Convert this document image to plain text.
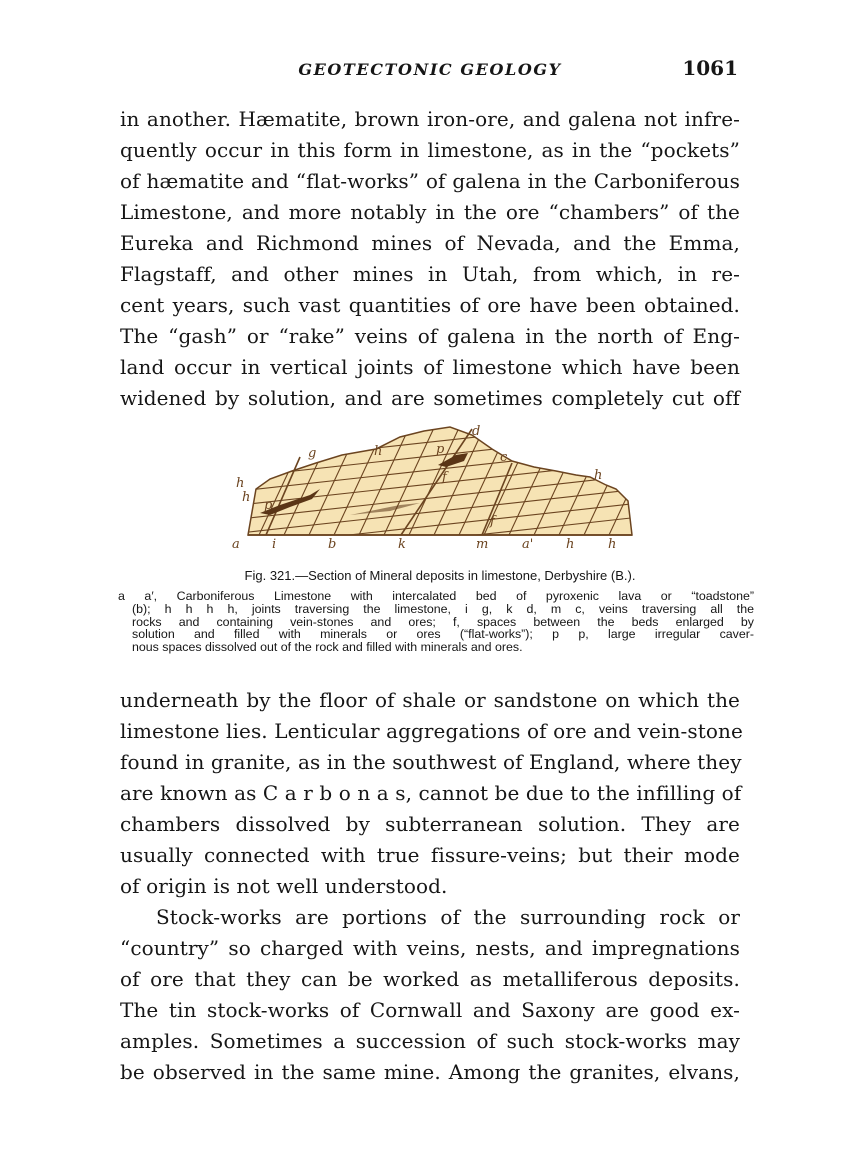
GEOTECTONIC GEOLOGY	1061
in another. Hæmatite, brown iron-ore, and galena not infre-
quently occur in this form in limestone, as in the “pockets”
of hæmatite and “flat-works” of galena in the Carboniferous
Limestone, and more notably in the ore “chambers” of the
Eureka and Richmond mines of Nevada, and the Emma,
Flagstaff, and other mines in Utah, from which, in re-
cent years, such vast quantities of ore have been obtained.
The “gash” or “rake” veins of galena in the north of Eng-
land occur in vertical joints of limestone which have been
widened by solution, and are sometimes completely cut off
d
g	h	p
c
h
h
h
p
f
f
a i	b	k	m	a'	h	h
Fig. 321.—Section of Mineral deposits in limestone, Derbyshire (B.).
a a′, Carboniferous Limestone with intercalated bed of pyroxenic lava or “toadstone”
(b); h h h h, joints traversing the limestone, i g, k d, m c, veins traversing all the
rocks and containing vein-stones and ores; f, spaces between the beds enlarged by
solution and filled with minerals or ores (“flat-works”); p p, large irregular caver-
nous spaces dissolved out of the rock and filled with minerals and ores.
underneath by the floor of shale or sandstone on which the
limestone lies. Lenticular aggregations of ore and vein-stone
found in granite, as in the southwest of England, where they
are known as C a r b o n a s, cannot be due to the infilling of
chambers dissolved by subterranean solution. They are
usually connected with true fissure-veins; but their mode
of origin is not well understood.
Stock-works are portions of the surrounding rock or
“country” so charged with veins, nests, and impregnations
of ore that they can be worked as metalliferous deposits.
The tin stock-works of Cornwall and Saxony are good ex-
amples. Sometimes a succession of such stock-works may
be observed in the same mine. Among the granites, elvans,
